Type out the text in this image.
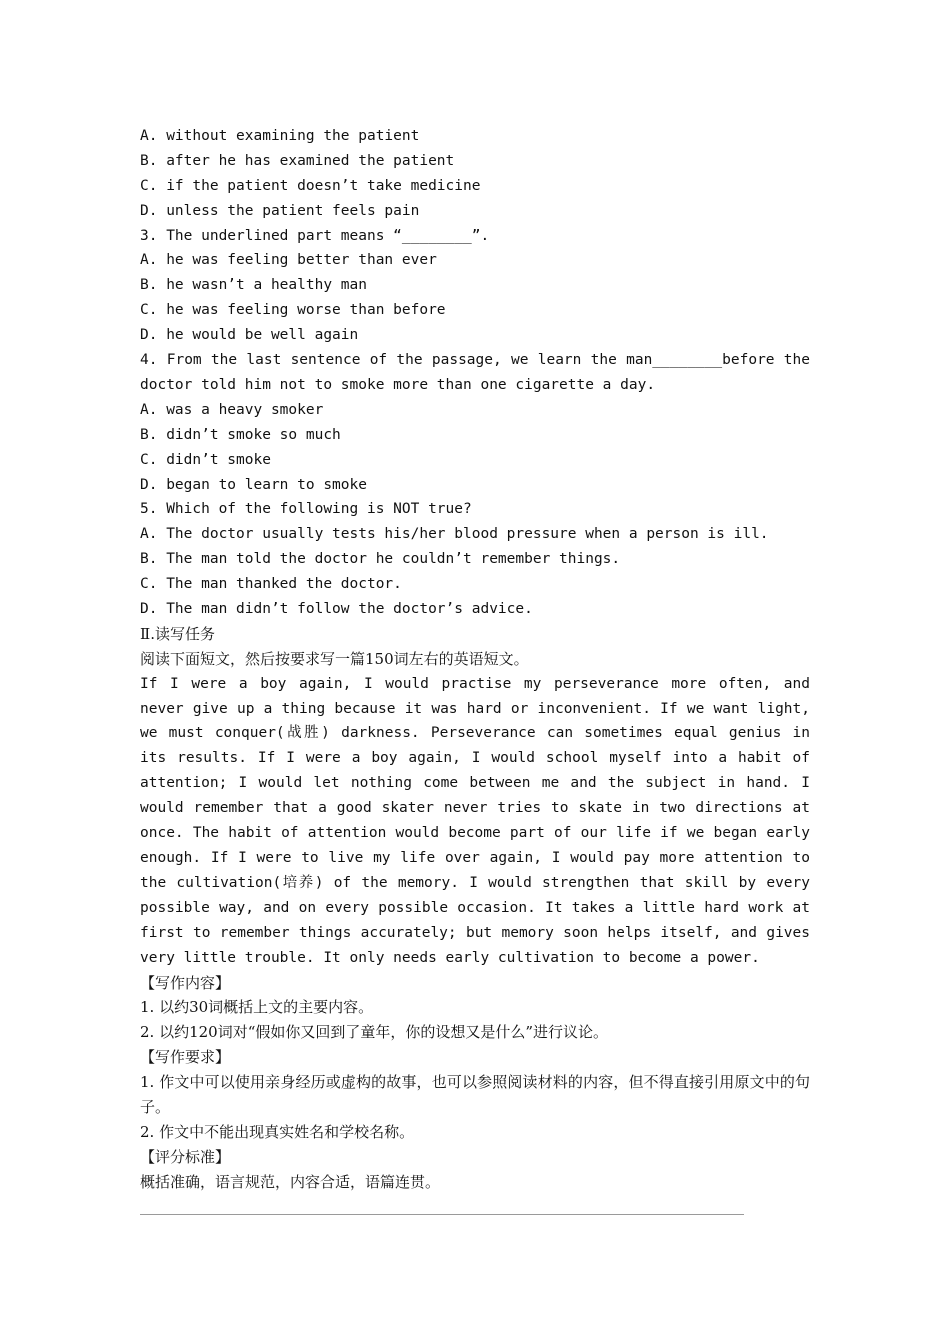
A. without examining the patient

B. after he has examined the patient

C. if the patient doesn’t take medicine

D. unless the patient feels pain

3. The underlined part means “________”.

A. he was feeling better than ever

B. he wasn’t a healthy man

C. he was feeling worse than before

D. he would be well again

4. From the last sentence of the passage, we learn the man________before the doctor told him not to smoke more than one cigarette a day.

A. was a heavy smoker

B. didn’t smoke so much

C. didn’t smoke

D. began to learn to smoke

5. Which of the following is NOT true?

A. The doctor usually tests his/her blood pressure when a person is ill.

B. The man told the doctor he couldn’t remember things.

C. The man thanked the doctor.

D. The man didn’t follow the doctor’s advice.

Ⅱ.读写任务

阅读下面短文，然后按要求写一篇150词左右的英语短文。

If I were a boy again, I would practise my perseverance more often, and never give up a thing because it was hard or inconvenient. If we want light, we must conquer(战胜) darkness. Perseverance can sometimes equal genius in its results. If I were a boy again, I would school myself into a habit of attention; I would let nothing come between me and the subject in hand. I would remember that a good skater never tries to skate in two directions at once. The habit of attention would become part of our life if we began early enough. If I were to live my life over again, I would pay more attention to the cultivation(培养) of the memory. I would strengthen that skill by every possible way, and on every possible occasion. It takes a little hard work at first to remember things accurately; but memory soon helps itself, and gives very little trouble. It only needs early cultivation to become a power.

【写作内容】

1. 以约30词概括上文的主要内容。

2. 以约120词对“假如你又回到了童年，你的设想又是什么”进行议论。

【写作要求】

1. 作文中可以使用亲身经历或虚构的故事，也可以参照阅读材料的内容，但不得直接引用原文中的句子。

2. 作文中不能出现真实姓名和学校名称。

【评分标准】

概括准确，语言规范，内容合适，语篇连贯。
